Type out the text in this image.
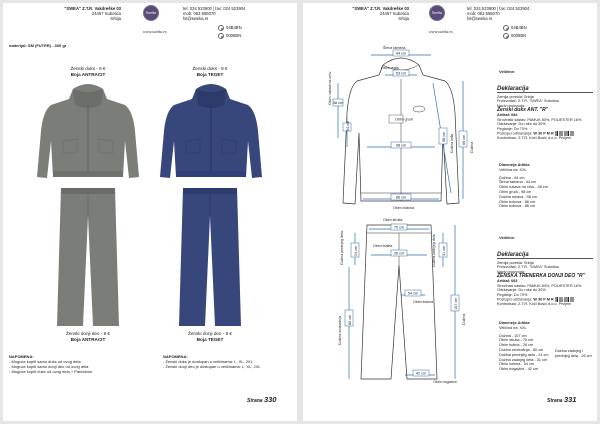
"SWEA" Z.T.R. Vakdreške 03
24457 Subotica
Srbija
Sweka
tel: 024 523900 | fax: 024 523904
mob: 063 555070
hit@sweka.rs
www.sweka.rs
04B4BN
0008BN
materijal: SM (FUTER) - 300 gr
Ženski duks - 8 €
Boja ANTRACIT
Ženski duks - 8 €
Boja TEGET
Ženski donji deo - 8 €
Boja ANTRACIT
Ženski donji deo - 8 €
Boja TEGET
NAPOMENA:
- Moguće kupiti samo duks od ovog dela
- Moguće kupiti samo donji deo od ovog dela
- Moguće kupiti duks od ovog dela + Pantalone
NAPOMENA:
- Ženski duks je dostupan u veličinama: L, XL, 2XL
- Ženski donji deo je dostupan u veličinama: L, XL, 2XL
Strana 330
"SWEA" Z.T.R. Vakdreške 03
24457 Subotica
Srbija
Sweka
tel: 024 523900 | fax: 024 523904
mob: 063 555070
hit@sweka.rs
www.sweka.rs
04B4BN
0008BN
44 cm
Širina ramena
53 cm
Obim vrata
98 cm
Obim grudi
86 cm
Obim bokova
48 cm
66 cm
Dužina
58 cm Dužina leđa
64 cm
Obim rukava na vrhu
70 cm
Obim struka
26 cm
Obim butina
54 cm
Obim kolena
42 cm
Obim nogavice
24 cm
Dužina prednjeg dela	31 cm
Dužina zadnjeg dela
107 cm
Dužina
80 cm
Dužina unutrašnja
Veličine:
Deklaracija
Zemlja porekla: Srbija
Proizvođač: Z.T.R. "SWEA" Subotica
Naziv proizvoda:
Ženski duks ANT. "R"
Artikal: 084
Sirovinski sastav: PAMUK 80%, POLIESTER 16%
Održavanje: Do ruke do 30%
Peglanje: Do 70%
Postupci održavanja: W 30 P M R
Kontrolisao: Z.T.R. Koči Bosić d.o.o. Prvijeni
Dimenzije Artikla
Veličina na: XXL
Dužina - 64 cm
Širina ramena - 44 cm
Obim rukava na vrhu - 46 cm
Obim grudi - 98 cm
Dužina rukava - 58 cm
Obim bokova - 86 cm
Obim bokova - 86 cm
Veličine:
Deklaracija
Zemlja porekla: Srbija
Proizvođač: Z.T.R. "SWEA" Subotica
Naziv proizvoda:
ŽENSKA TRENERKA DONJI DEO "R"
Artikal: 083
Sirovinski sastav: PAMUK 80%, POLIESTER 16%
Održavanje: Do ruke do 30%
Peglanje: Do 70%
Postupci održavanja: W 30 P M R
Kontrolisao: Z.T.R. Koči Bosić d.o.o. Prvijeni
Dimenzije Artikla
Veličina na: XXL
Dužina - 107 cm
Obim struka - 70 cm
Obim butina - 26 cm
Dužina unutrašnja - 80 cm
Dužina prednjeg dela - 24 cm
Dužina zadnjeg dela - 31 cm
Obim kolena - 54 cm
Obim nogavice - 42 cm
Dužina zadnjeg i prednjeg dela - 26 cm
Strana 331
